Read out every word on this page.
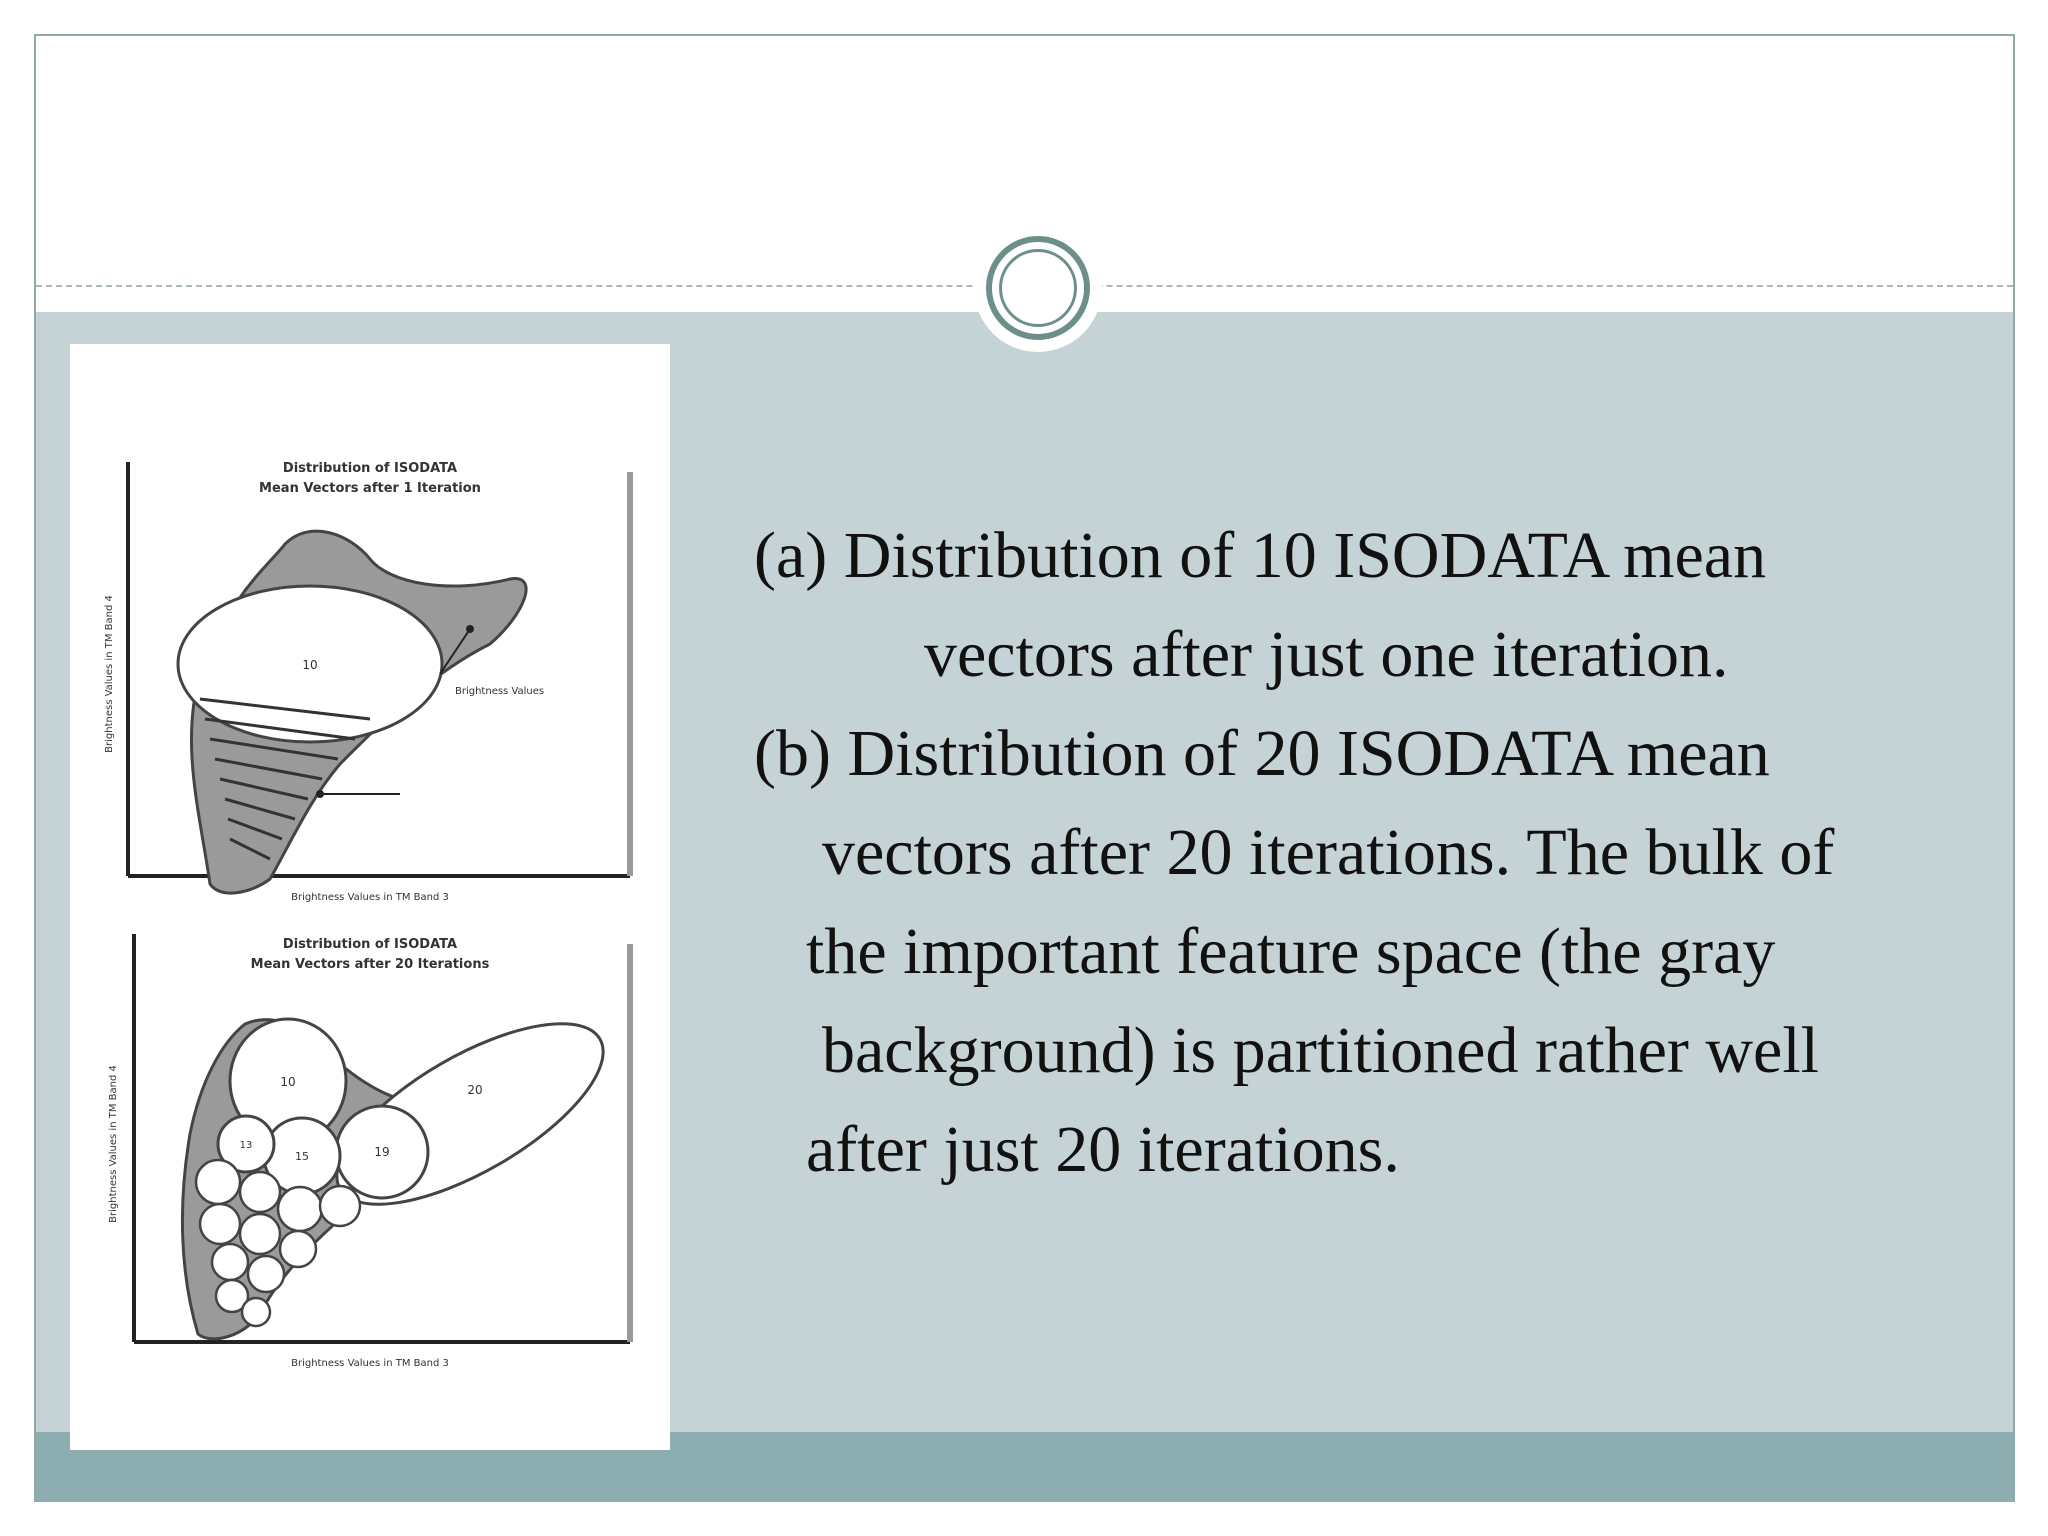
Distribution of ISODATA
Mean Vectors after 1 Iteration
10
Brightness Values
Brightness Values in TM Band 3
Brightness Values in TM Band 4
Distribution of ISODATA
Mean Vectors after 20 Iterations
20
10
19
15
13
Brightness Values in TM Band 3
Brightness Values in TM Band 4

(a) Distribution of 10 ISODATA mean

vectors after just one iteration.

(b) Distribution of 20 ISODATA mean

vectors after 20 iterations. The bulk of

the important feature space (the gray

background) is partitioned rather well

after just 20 iterations.
